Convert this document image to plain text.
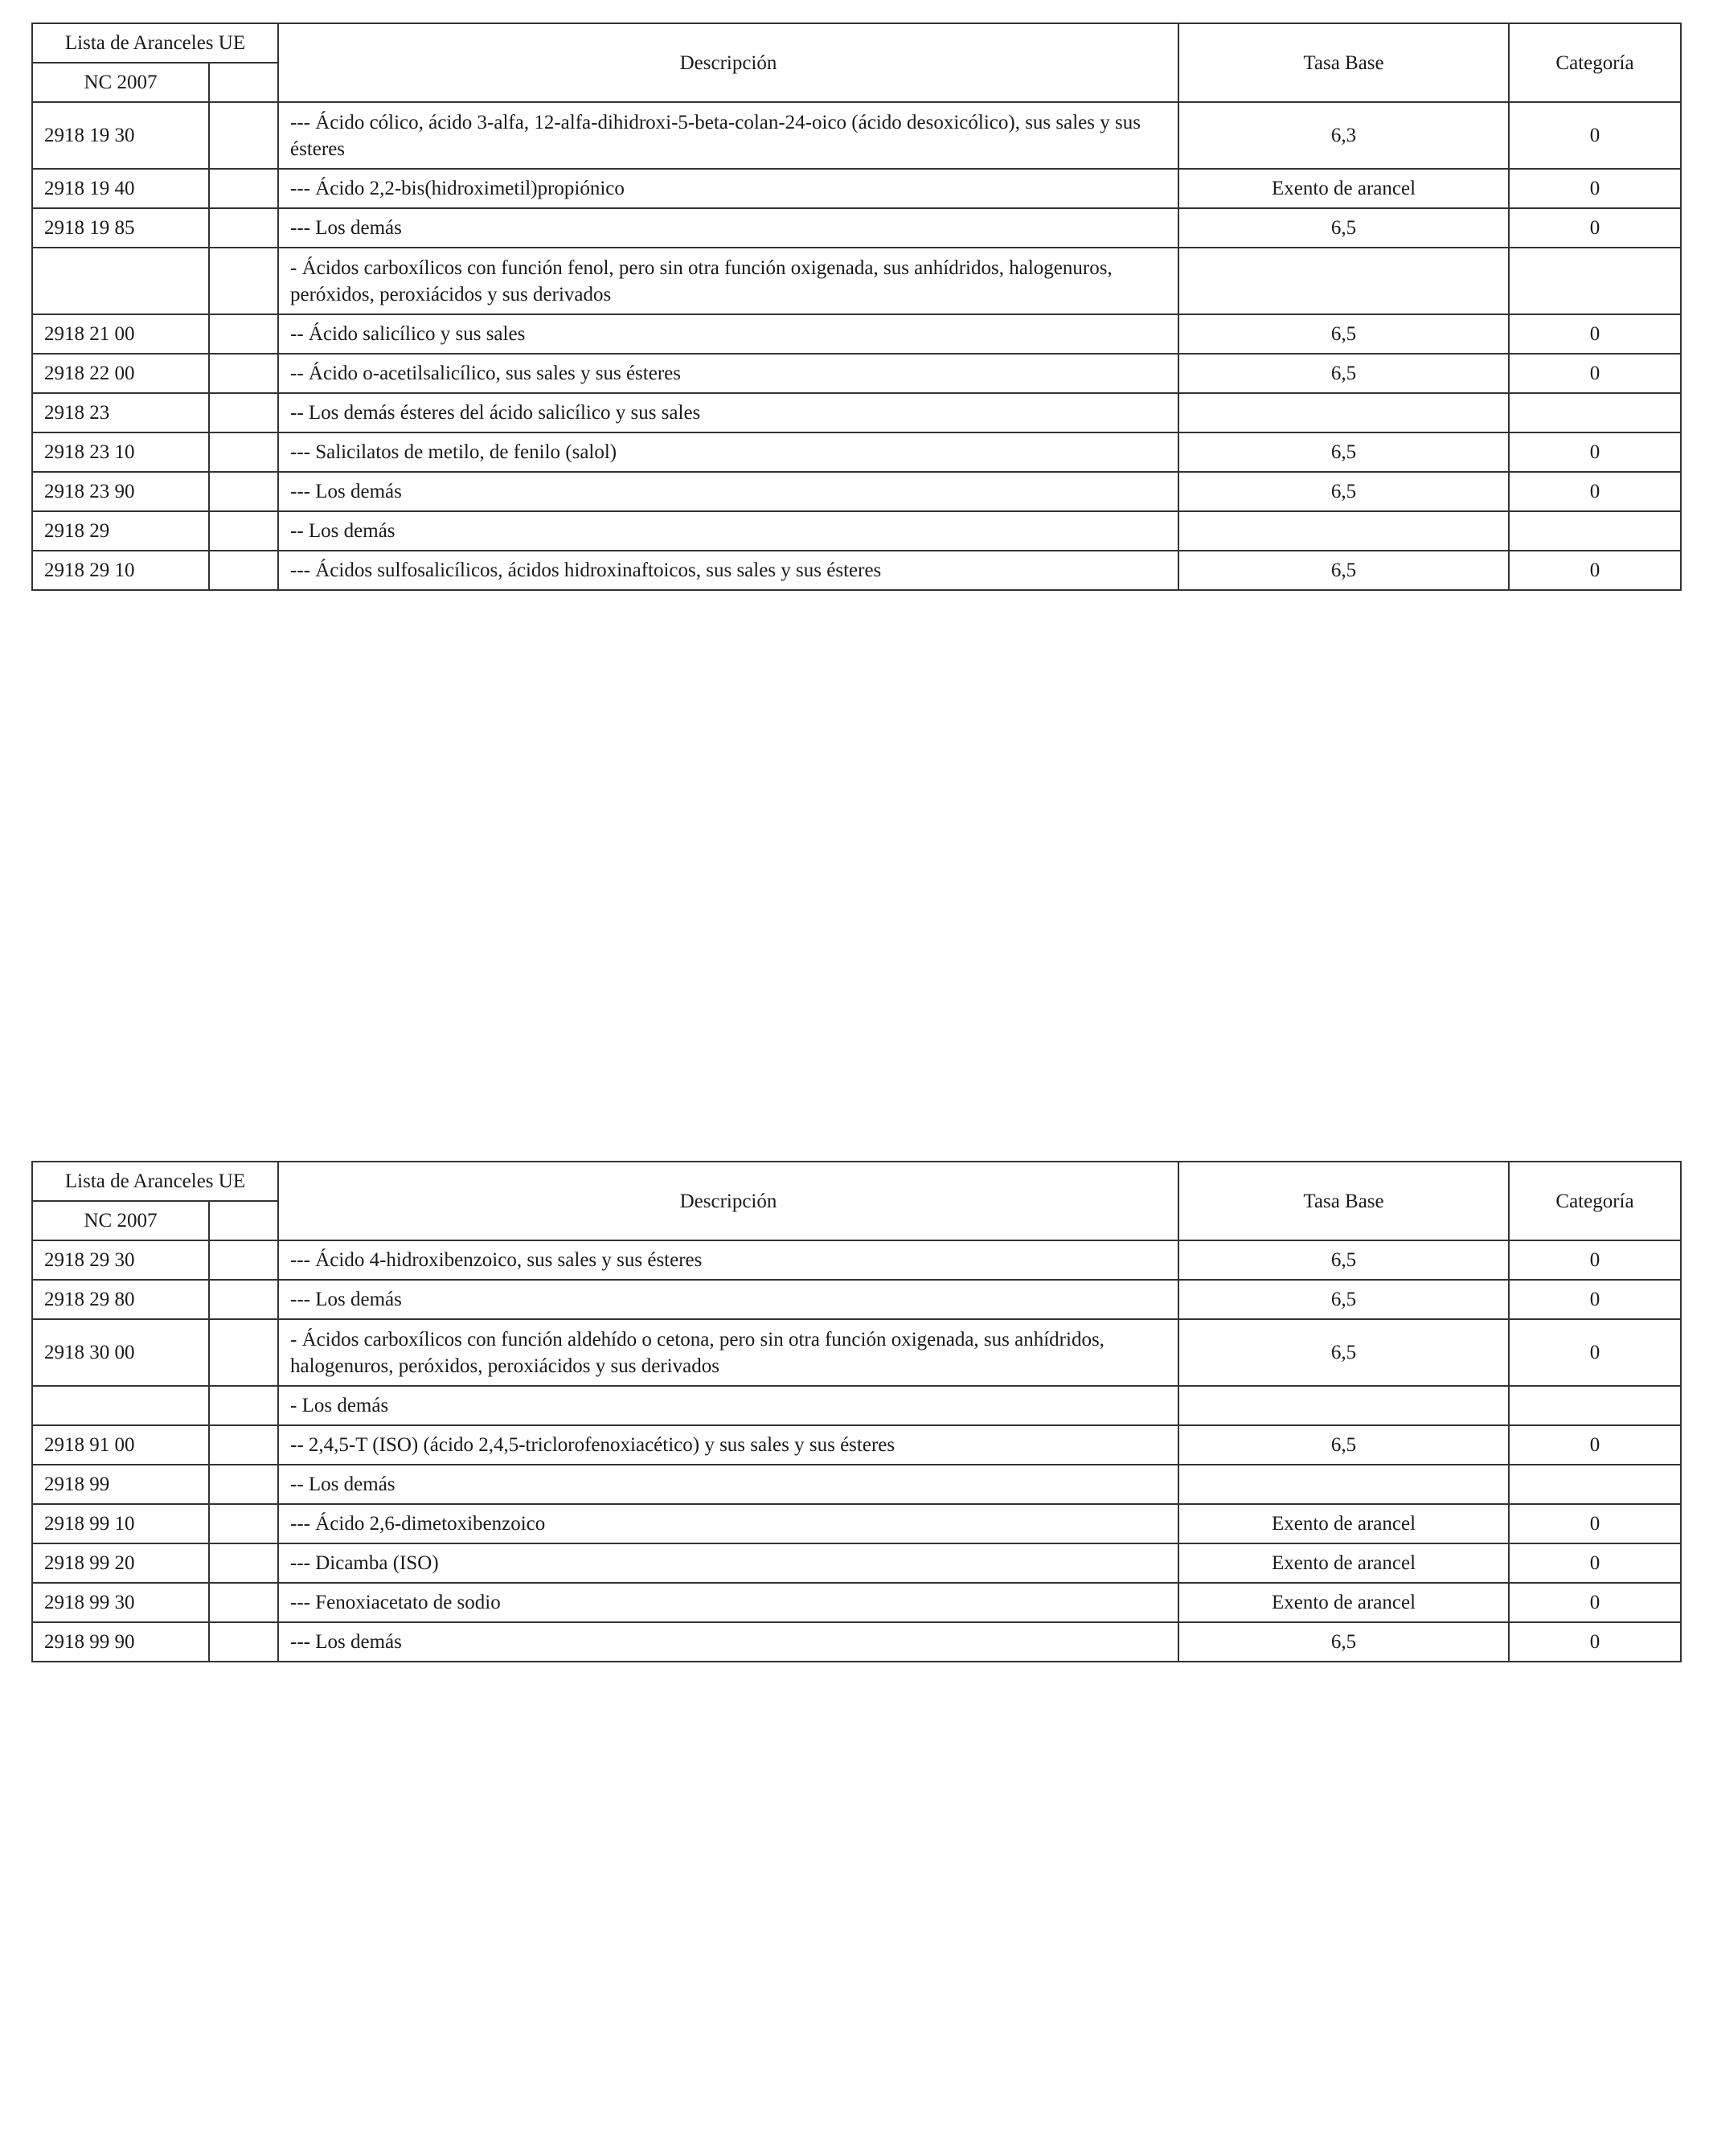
Lista de Aranceles UE		Descripción	Tasa Base	Categoría
NC 2007				
2918 19 30		--- Ácido cólico, ácido 3-alfa, 12-alfa-dihidroxi-5-beta-colan-24-oico (ácido desoxicólico), sus sales y sus ésteres	6,3	0
2918 19 40		--- Ácido 2,2-bis(hidroximetil)propiónico	Exento de arancel	0
2918 19 85		--- Los demás	6,5	0
		- Ácidos carboxílicos con función fenol, pero sin otra función oxigenada, sus anhídridos, halogenuros, peróxidos, peroxiácidos y sus derivados		
2918 21 00		-- Ácido salicílico y sus sales	6,5	0
2918 22 00		-- Ácido o-acetilsalicílico, sus sales y sus ésteres	6,5	0
2918 23		-- Los demás ésteres del ácido salicílico y sus sales		
2918 23 10		--- Salicilatos de metilo, de fenilo (salol)	6,5	0
2918 23 90		--- Los demás	6,5	0
2918 29		-- Los demás		
2918 29 10		--- Ácidos sulfosalicílicos, ácidos hidroxinaftoicos, sus sales y sus ésteres	6,5	0
Lista de Aranceles UE		Descripción	Tasa Base	Categoría
NC 2007				
2918 29 30		--- Ácido 4-hidroxibenzoico, sus sales y sus ésteres	6,5	0
2918 29 80		--- Los demás	6,5	0
2918 30 00		- Ácidos carboxílicos con función aldehído o cetona, pero sin otra función oxigenada, sus anhídridos, halogenuros, peróxidos, peroxiácidos y sus derivados	6,5	0
		- Los demás		
2918 91 00		-- 2,4,5-T (ISO) (ácido 2,4,5-triclorofenoxiacético) y sus sales y sus ésteres	6,5	0
2918 99		-- Los demás		
2918 99 10		--- Ácido 2,6-dimetoxibenzoico	Exento de arancel	0
2918 99 20		--- Dicamba (ISO)	Exento de arancel	0
2918 99 30		--- Fenoxiacetato de sodio	Exento de arancel	0
2918 99 90		--- Los demás	6,5	0
